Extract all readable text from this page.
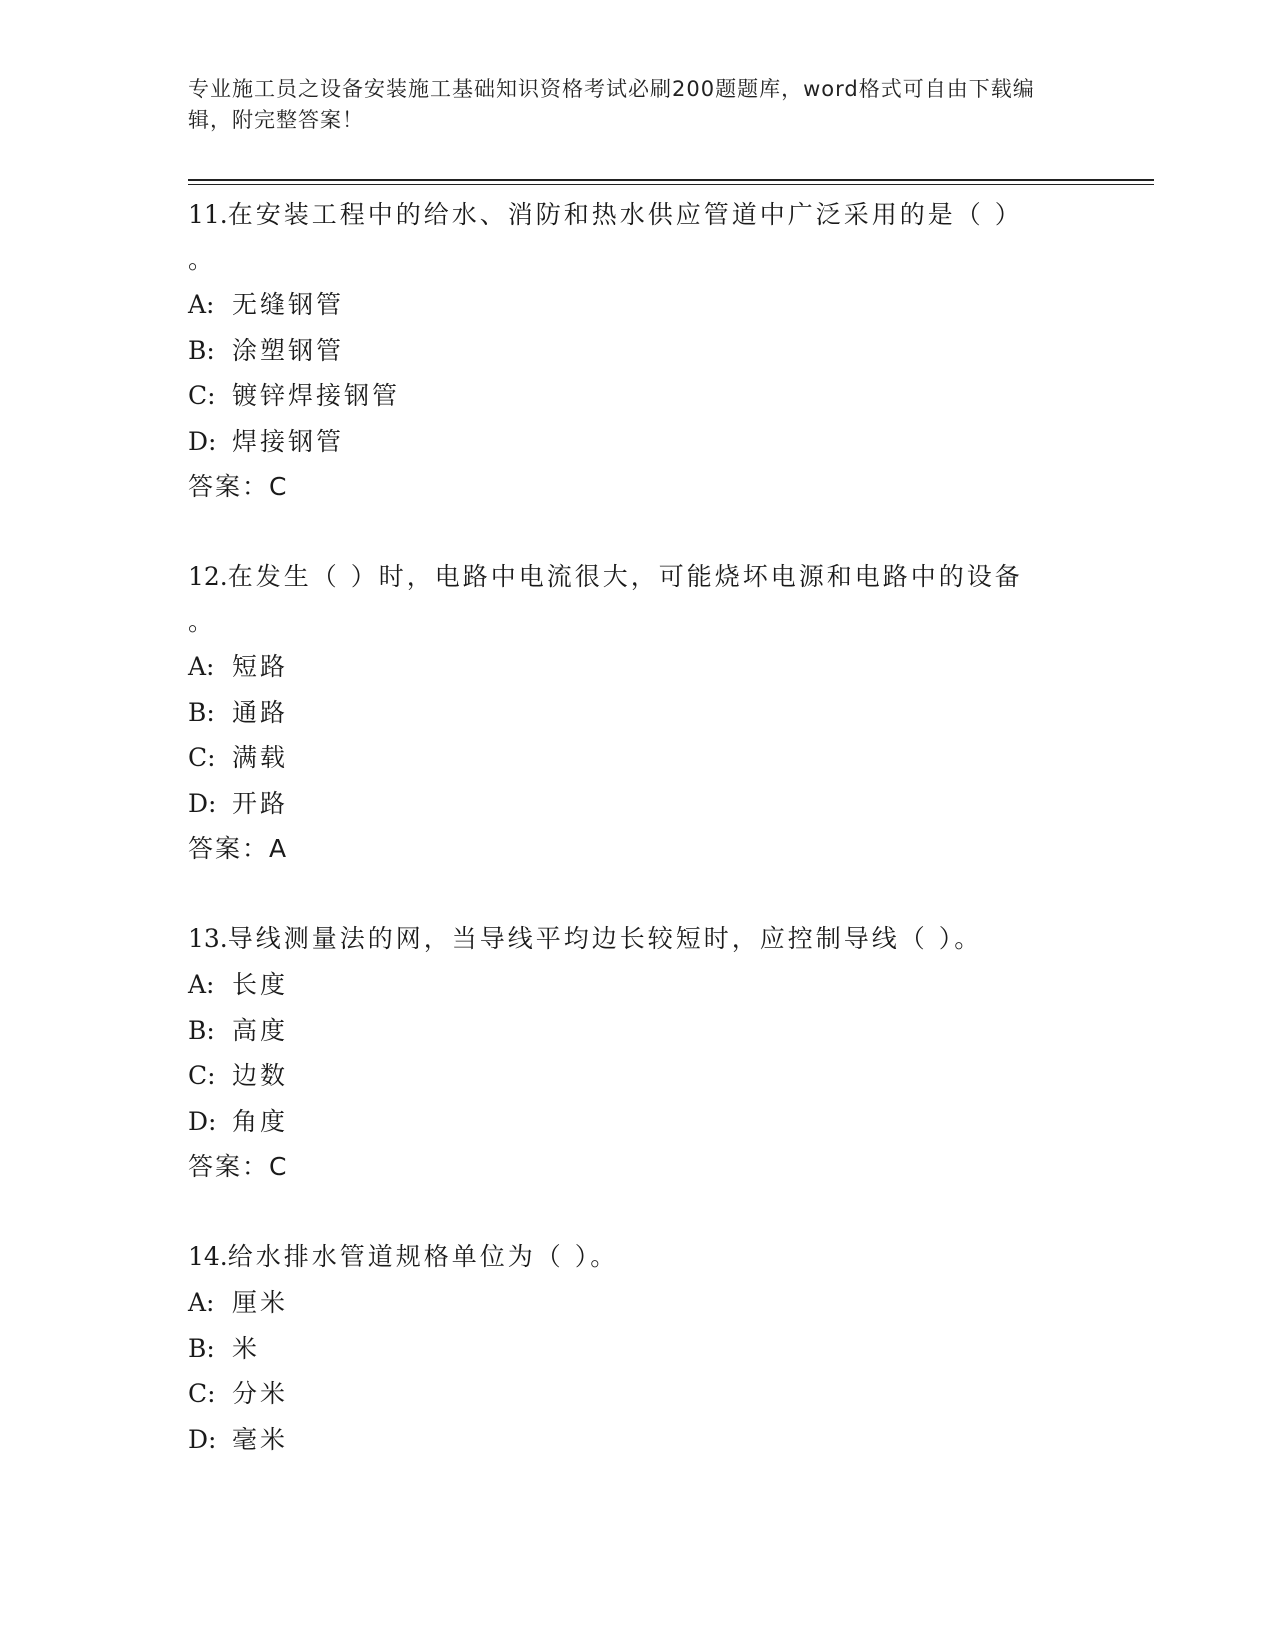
专业施工员之设备安装施工基础知识资格考试必刷200题题库，word格式可自由下载编辑，附完整答案！

11.在安装工程中的给水、消防和热水供应管道中广泛采用的是（ ）

。

A: 无缝钢管
B: 涂塑钢管
C: 镀锌焊接钢管
D: 焊接钢管

答案：C

12.在发生（ ）时，电路中电流很大，可能烧坏电源和电路中的设备

。

A: 短路
B: 通路
C: 满载
D: 开路

答案：A

13.导线测量法的网，当导线平均边长较短时，应控制导线（ ）。

A: 长度
B: 高度
C: 边数
D: 角度

答案：C

14.给水排水管道规格单位为（ ）。

A: 厘米
B: 米
C: 分米
D: 毫米
